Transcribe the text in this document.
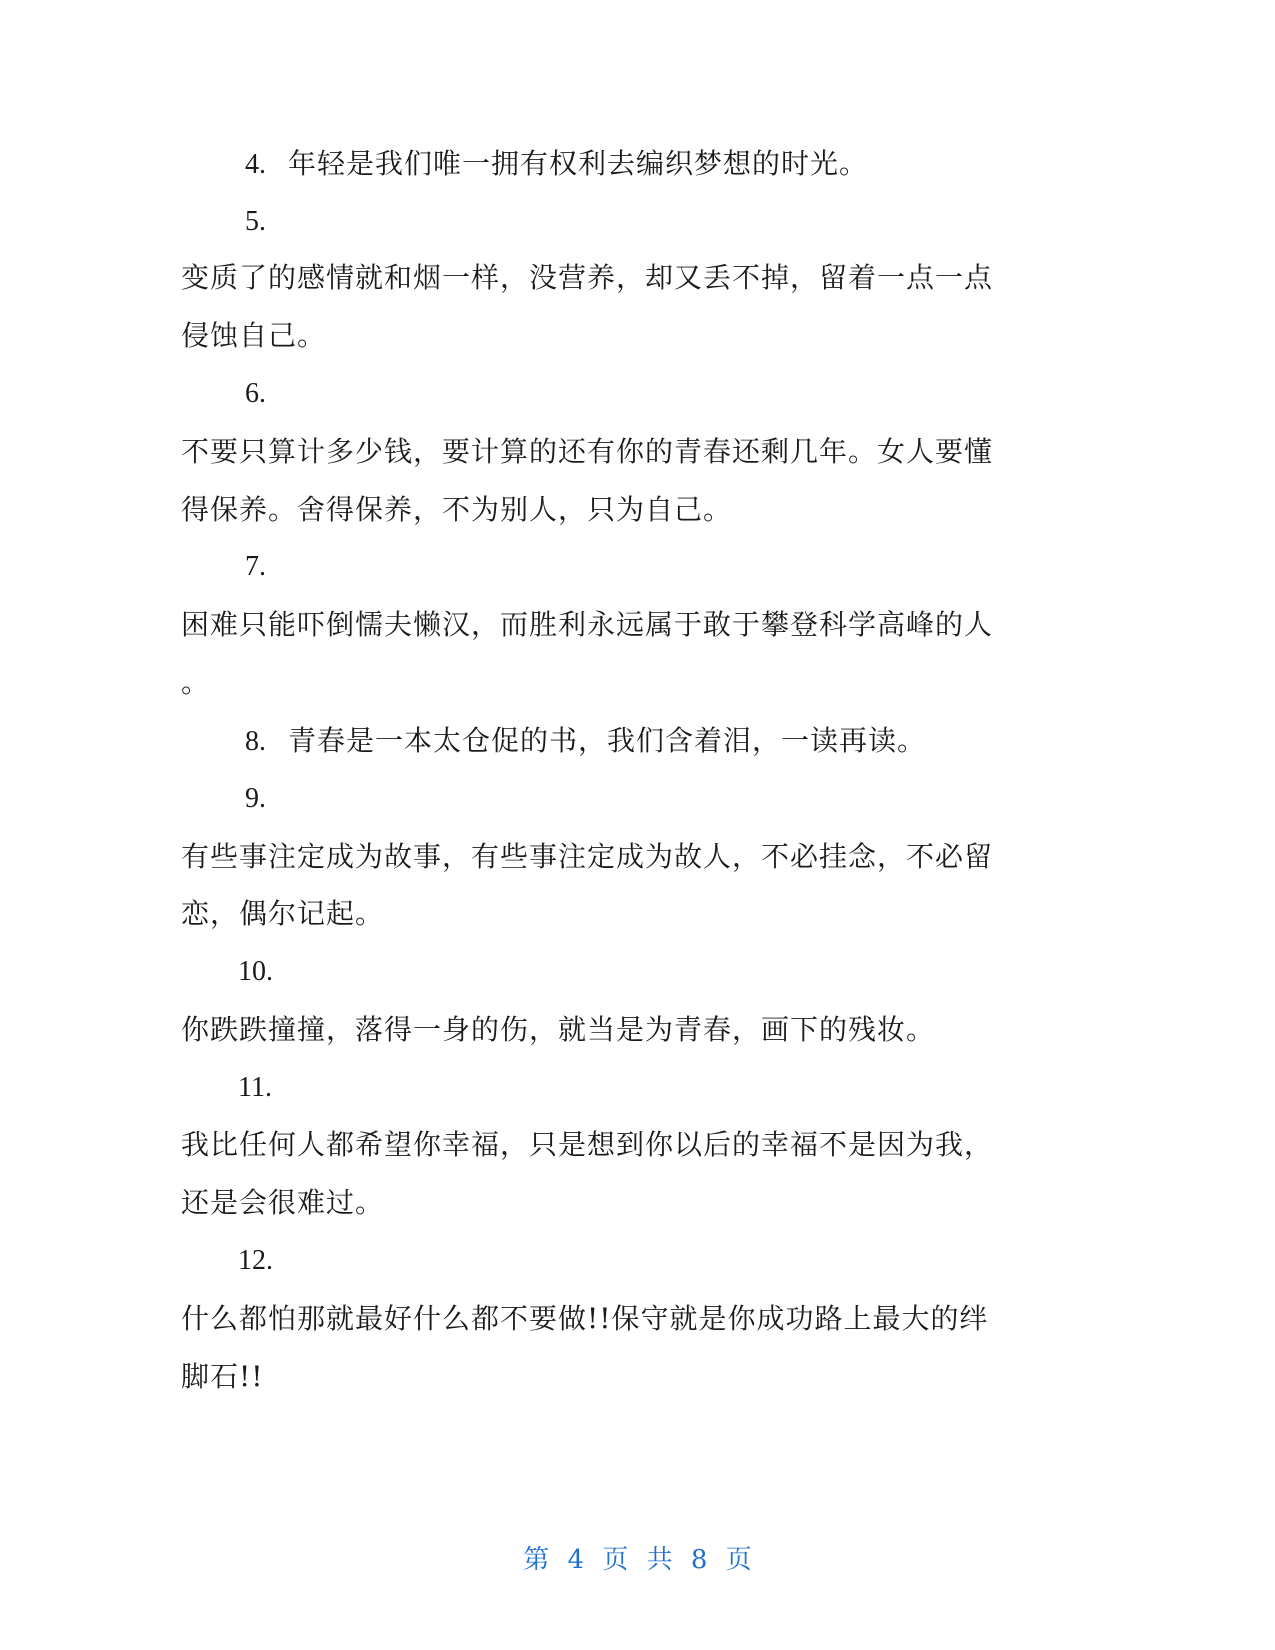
4. 年轻是我们唯一拥有权利去编织梦想的时光。
5.
变质了的感情就和烟一样，没营养，却又丢不掉，留着一点一点
侵蚀自己。
6.
不要只算计多少钱，要计算的还有你的青春还剩几年。女人要懂
得保养。舍得保养，不为别人，只为自己。
7.
困难只能吓倒懦夫懒汉，而胜利永远属于敢于攀登科学高峰的人
。
8. 青春是一本太仓促的书，我们含着泪，一读再读。
9.
有些事注定成为故事，有些事注定成为故人，不必挂念，不必留
恋，偶尔记起。
10.
你跌跌撞撞，落得一身的伤，就当是为青春，画下的残妆。
11.
我比任何人都希望你幸福，只是想到你以后的幸福不是因为我，
还是会很难过。
12.
什么都怕那就最好什么都不要做!!保守就是你成功路上最大的绊
脚石!!
第 4 页 共 8 页
